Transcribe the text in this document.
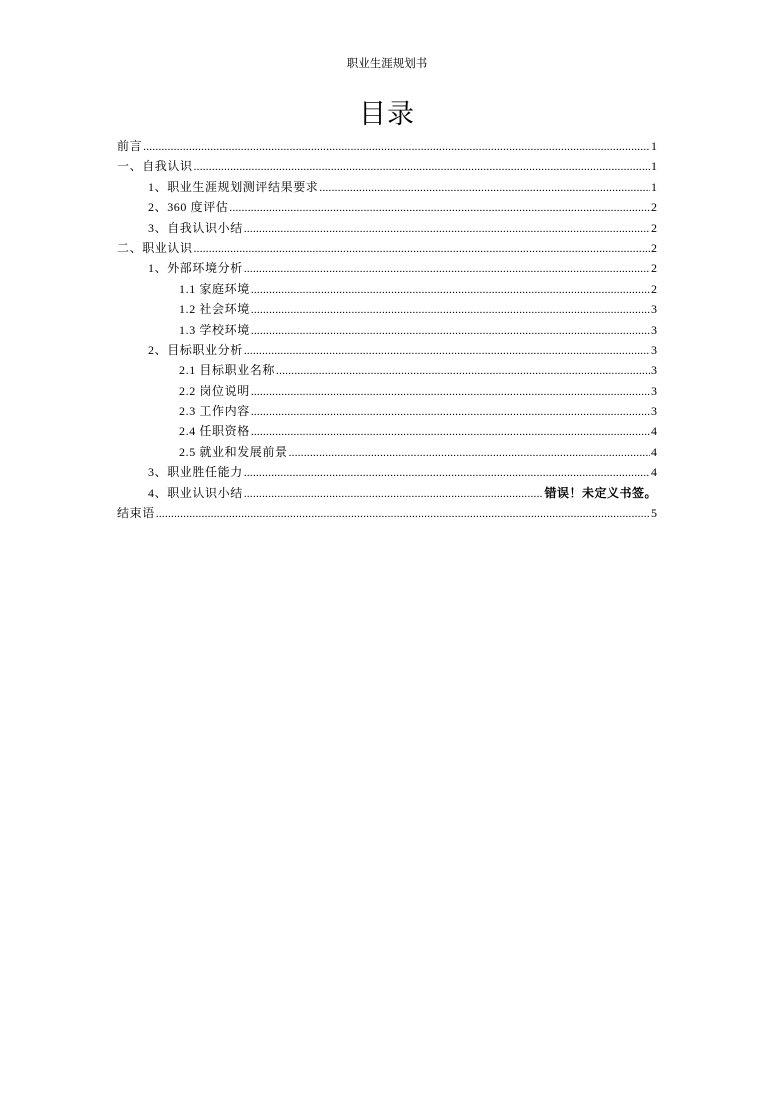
职业生涯规划书
目录
前言 .....	1
一、自我认识 .....	1
1、职业生涯规划测评结果要求 .....	1
2、360 度评估 .....	2
3、自我认识小结 .....	2
二、职业认识 .....	2
1、外部环境分析 .....	2
1.1 家庭环境 .....	2
1.2 社会环境 .....	3
1.3 学校环境 .....	3
2、目标职业分析 .....	3
2.1 目标职业名称 .....	3
2.2 岗位说明 .....	3
2.3 工作内容 .....	3
2.4 任职资格 .....	4
2.5 就业和发展前景 .....	4
3、职业胜任能力 .....	4
4、职业认识小结 .....	错误！未定义书签。
结束语 .....	5
